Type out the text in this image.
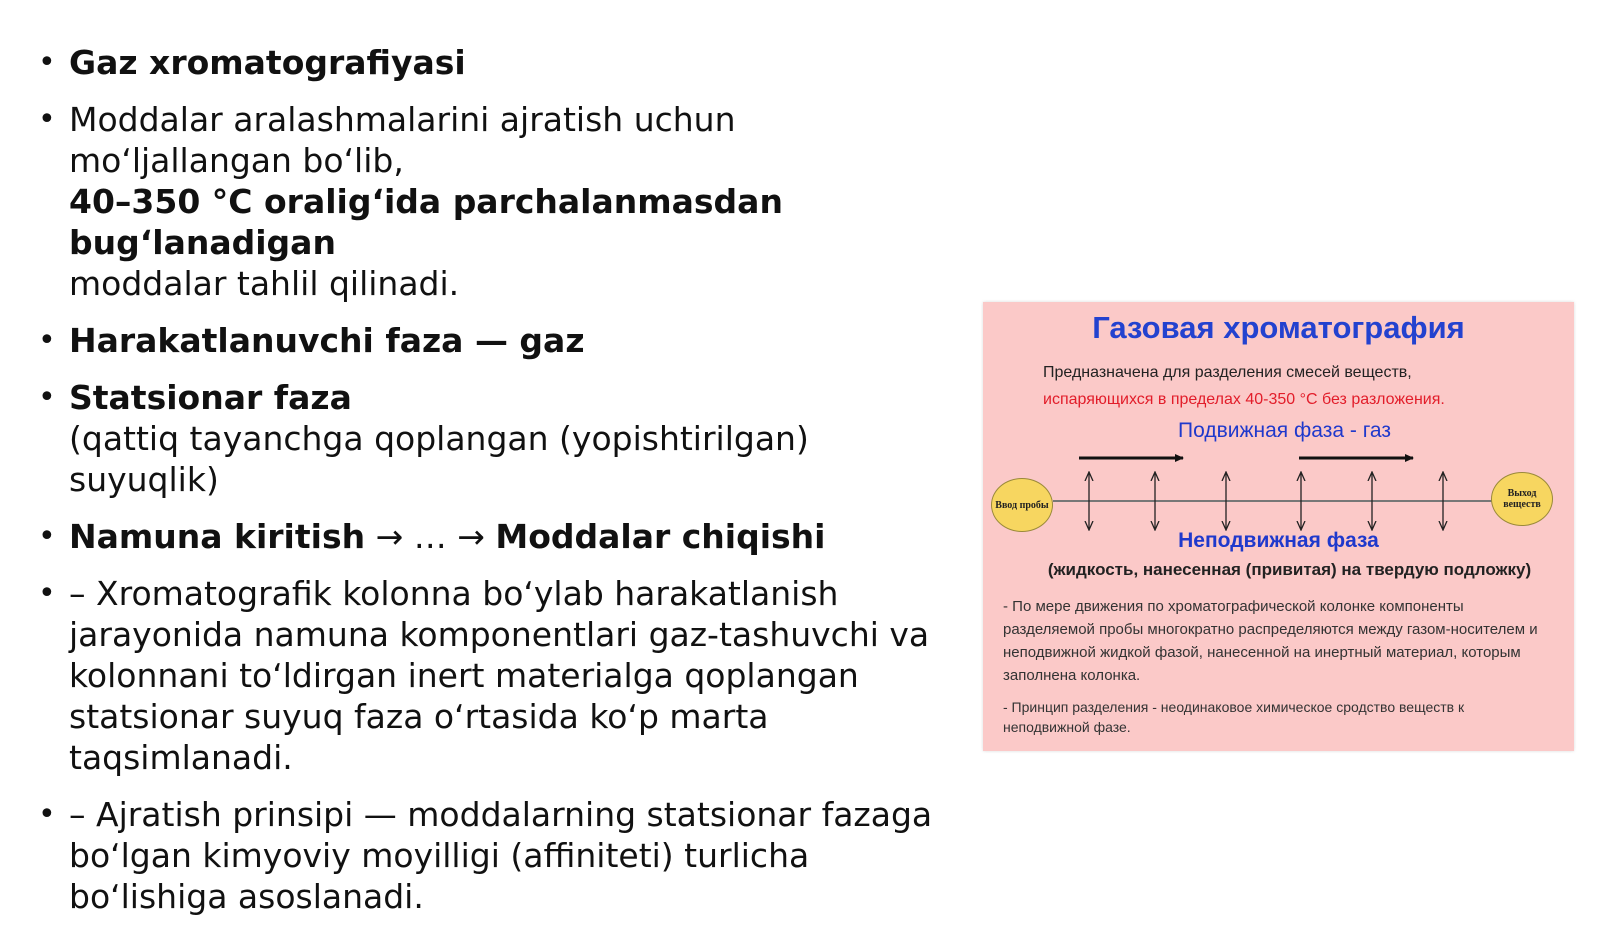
• Gaz xromatografiyasi
• Moddalar aralashmalarini ajratish uchun mo‘ljallangan bo‘lib,
40–350 °C oralig‘ida parchalanmasdan bug‘lanadigan
moddalar tahlil qilinadi.
• Harakatlanuvchi faza — gaz
• Statsionar faza
(qattiq tayanchga qoplangan (yopishtirilgan) suyuqlik)
• Namuna kiritish → … → Moddalar chiqishi
• – Xromatografik kolonna bo‘ylab harakatlanish jarayonida namuna komponentlari gaz-tashuvchi va kolonnani to‘ldirgan inert materialga qoplangan statsionar suyuq faza o‘rtasida ko‘p marta taqsimlanadi.
• – Ajratish prinsipi — moddalarning statsionar fazaga bo‘lgan kimyoviy moyilligi (affiniteti) turlicha bo‘lishiga asoslanadi.
Газовая хроматография
Предназначена для разделения смесей веществ,
испаряющихся в пределах 40-350 °С без разложения.
Подвижная фаза - газ
Ввод пробы
Выход веществ
Неподвижная фаза
(жидкость, нанесенная (привитая) на твердую подложку)
- По мере движения по хроматографической колонке компоненты разделяемой пробы многократно распределяются между газом-носителем и неподвижной жидкой фазой, нанесенной на инертный материал, которым заполнена колонка.
- Принцип разделения - неодинаковое химическое сродство веществ к неподвижной фазе.
